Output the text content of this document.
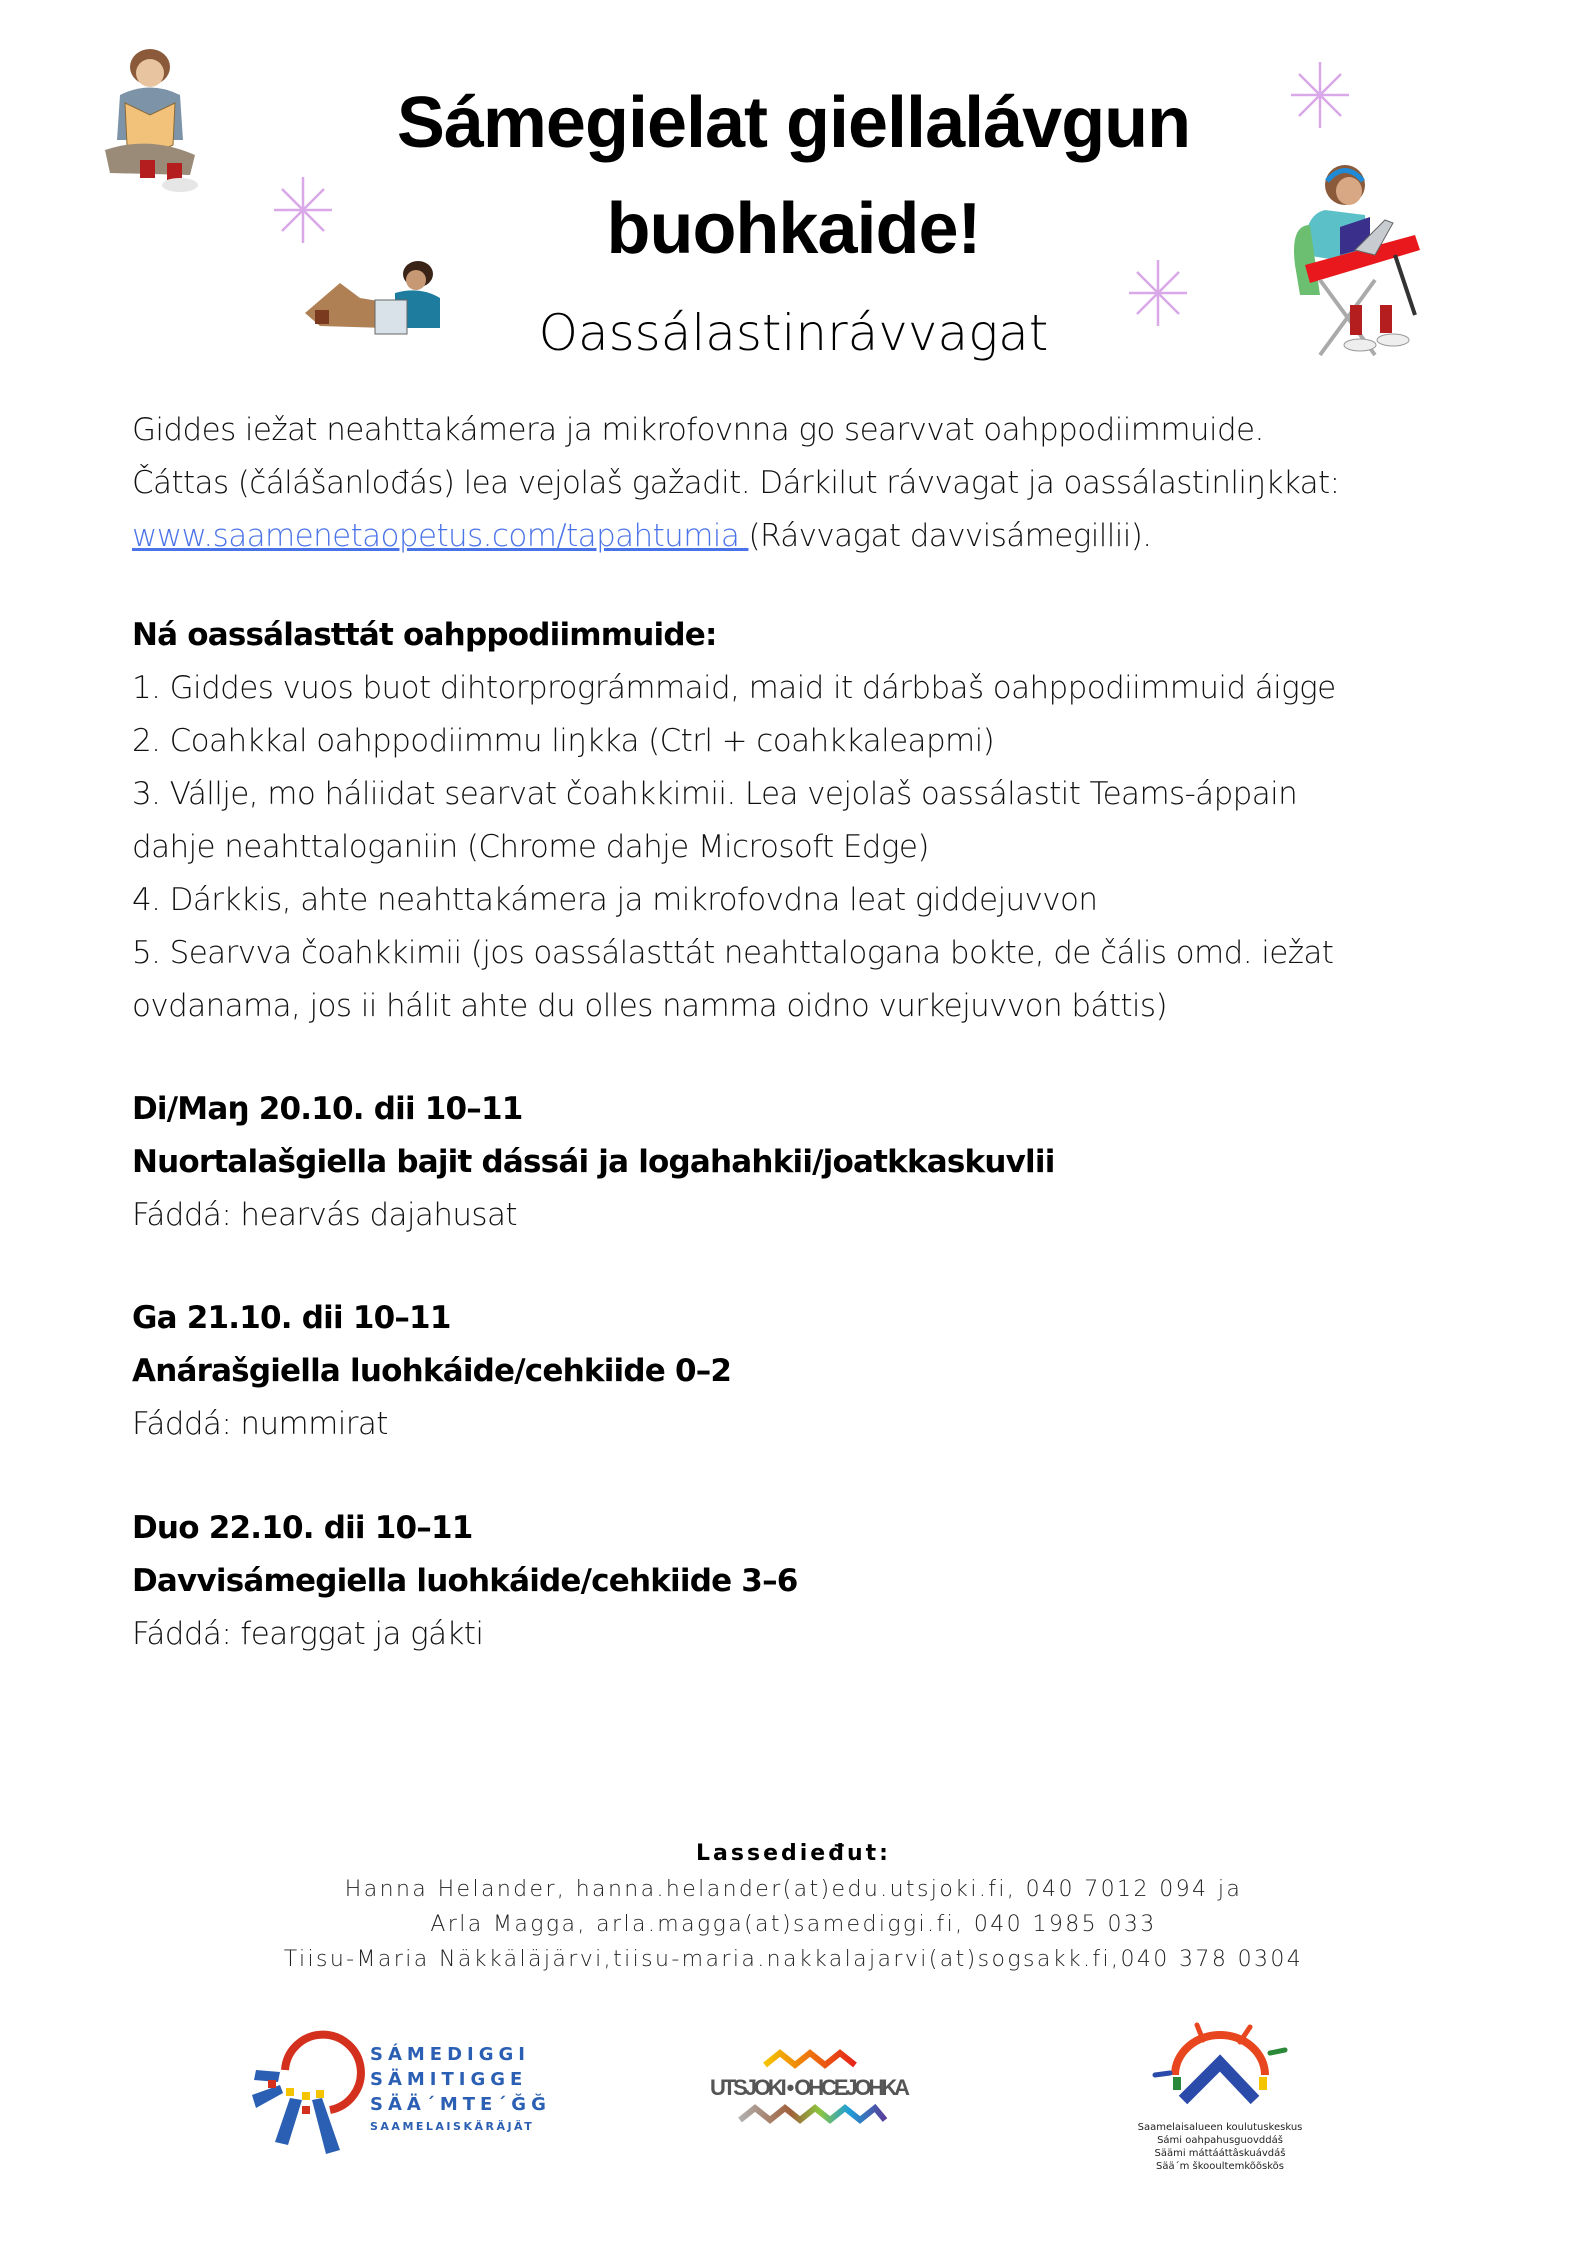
Sámegielat giellalávgun
buohkaide!
Oassálastinrávvagat
Giddes iežat neahttakámera ja mikrofovnna go searvvat oahppodiimmuide.
Čáttas (čálášanlođás) lea vejolaš gažadit. Dárkilut rávvagat ja oassálastinliŋkkat:
www.saamenetaopetus.com/tapahtumia (Rávvagat davvisámegillii).
Ná oassálasttát oahppodiimmuide:
1. Giddes vuos buot dihtorprográmmaid, maid it dárbbaš oahppodiimmuid áigge
2. Coahkkal oahppodiimmu liŋkka (Ctrl + coahkkaleapmi)
3. Vállje, mo háliidat searvat čoahkkimii. Lea vejolaš oassálastit Teams-áppain
dahje neahttaloganiin (Chrome dahje Microsoft Edge)
4. Dárkkis, ahte neahttakámera ja mikrofovdna leat giddejuvvon
5. Searvva čoahkkimii (jos oassálasttát neahttalogana bokte, de čális omd. iežat
ovdanama, jos ii hálit ahte du olles namma oidno vurkejuvvon báttis)
Di/Maŋ 20.10. dii 10–11
Nuortalašgiella bajit dássái ja logahahkii/joatkkaskuvlii
Fáddá: hearvás dajahusat
Ga 21.10. dii 10–11
Anárašgiella luohkáide/cehkiide 0–2
Fáddá: nummirat
Duo 22.10. dii 10–11
Davvisámegiella luohkáide/cehkiide 3–6
Fáddá: fearggat ja gákti
Lassedieđut:
Hanna Helander, hanna.helander(at)edu.utsjoki.fi, 040 7012 094 ja
Arla Magga, arla.magga(at)samediggi.fi, 040 1985 033
Tiisu-Maria Näkkäläjärvi,tiisu-maria.nakkalajarvi(at)sogsakk.fi,040 378 0304
SÁMEDIGGI
SÄMITIGGE
SÄÄ´MTE´ĞĞ
SAAMELAISKÄRÄJÄT
UTSJOKI • OHCEJOHKA
Saamelaisalueen koulutuskeskus
Sámi oahpahusguovddáš
Säämi máttááttâskuávdáš
Sää´m škooultemkõõskõs
